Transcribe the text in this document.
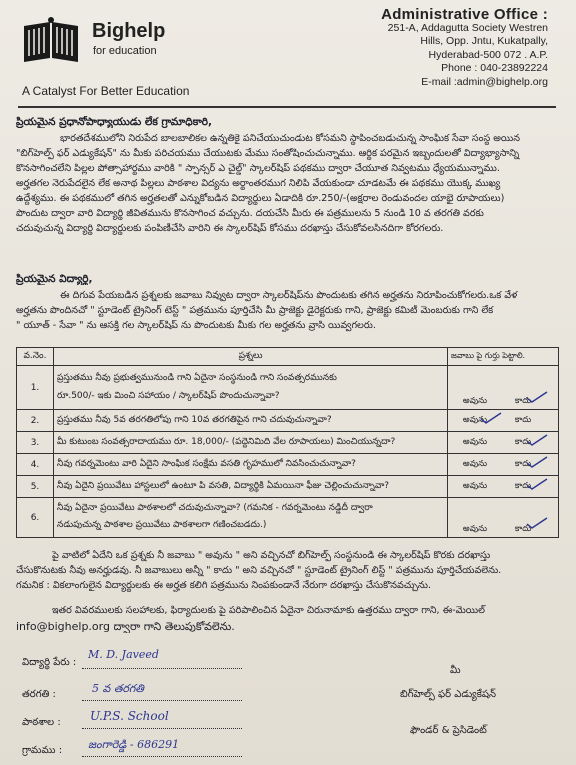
Bighelp
for education
A Catalyst For Better Education
Administrative Office :
251-A, Addagutta Society Westren
Hills, Opp. Jntu, Kukatpally,
Hyderabad-500 072 . A.P.
Phone : 040-23892224
E-mail :admin@bighelp.org
ప్రియమైన ప్రధానోపాధ్యాయుడు లేక గ్రామాధికారి,
భారతదేశములోని నిరుపేద బాలబాలికల ఉన్నతికై పనిచేయుచుండుట కోసమని స్థాపించబడుచున్న సాంఘిక సేవా సంస్థ అయిన
"బిగ్‌హెల్ప్ ఫర్ ఎడ్యుకేషన్" ను మీకు పరిచయము చేయుటకు మేము సంతోషించుచున్నాము. ఆర్థిక పరమైన ఇబ్బందులతో విద్యాభ్యాసాన్ని
కొనసాగించలేని పిల్లల పోత్సాహార్థము వారికి " స్పాన్సర్ ఎ చైల్డ్" స్కాలర్‌షిప్ పథకము ద్వారా చేయూత నివ్వటము ధ్యేయమున్నాము.
అర్హతగల నెరుపేదలైన లేక అనాథ పిల్లలు పాఠశాల విద్యను అర్థాంతరముగ నిలిపి వేయకుండా చూడటమే ఈ పథకము యొక్క ముఖ్య
ఉద్దేశ్యము. ఈ పథకములో తగిన అర్హతలతో ఎన్నుకోబడిన విద్యార్థులు ఏడాదికి రూ.250/-(అక్షరాల రెండువందల యాభై రూపాయలు)
పొందుట ద్వారా వారి విద్యార్థి జీవితమును కొనసాగించ వచ్చును. దయచేసి మీరు ఈ పత్రములను 5 నుండి 10 వ తరగతి వరకు
చదువుచున్న విద్యార్థి విద్యార్థులకు పంపిణీచేసి వారిని ఈ స్కాలర్‌షిప్ కోసము దరఖాస్తు చేసుకోవలసినదిగా కోరగలరు.
ప్రియమైన విద్యార్థి,
ఈ దిగువ పేయబడిన ప్రశ్నలకు జవాబు నివ్వుట ద్వారా స్కాలర్‌షిప్‌ను పొందుటకు తగిన అర్హతను నిరూపించుకోగలరు.ఒక వేళ
అర్హతను పొందినచో " స్టూడెంట్ ట్రైనింగ్ టెస్ట్ " పత్రమును పూర్తిచేసి మీ ప్రాజెక్టు డైరెక్టరుకు గాని, ప్రాజెక్టు కమిటీ మెంబరుకు గాని లేక
" యూత్ - సేవా " ను ఆసక్తి గల స్కాలర్‌షిప్ ను పొందుటకు మీకు గల అర్హతను వ్రాసి యివ్వగలరు.
వ.నెం.	ప్రశ్నలు	జవాబు పై గుర్తు పెట్టాలి.
1.	ప్రస్తుతము నీవు ప్రభుత్వమునుండి గాని ఏదైనా సంస్థనుండి గాని సంవత్సరమునకు
రూ.500/- ఇకు మించి సహాయం / స్కాలర్‌షిప్ పొందుచున్నావా?	అవును కాదు

2.	ప్రస్తుతము నీవు 5వ తరగతిలోపు గాని 10వ తరగతిపైన గాని చదువుచున్నావా?	అవును కాదు

3.	మీ కుటుంబ సంవత్సరాదాయము రూ. 18,000/- (పద్దెనిమిది వేల రూపాయలు) మించియున్నదా?	అవును కాదు

4.	నీవు గవర్నమెంటు వారి ఏదైని సాంఘిక సంక్షేమ వసతి గృహములో నివసించుచున్నావా?	అవును కాదు

5.	నీవు ఏదైని ప్రయివేటు హాస్టలులో ఉంటూ పి వసతి, విద్యార్థికి ఏమయినా ఫీజు చెల్లించుచున్నావా?	అవును కాదు

6.	నీవు ఏదైనా ప్రయివేటు పాఠశాలలో చదువుచున్నావా? (గమనిక - గవర్నమెంటు నడ్డిదీ ద్వారా
నడుపుచున్న పాఠశాల ప్రయివేటు పాఠశాలగా గణించబడదు.)	అవును కాదు
పై వాటిలో ఏదేని ఒక ప్రశ్నకు నీ జవాబు " అవును " అని వచ్చినచో బిగ్‌హెల్ప్ సంస్థనుండి ఈ స్కాలర్‌షిప్ కొరకు దరఖాస్తు
చేసుకొనుటకు నీవు అనర్హుడవు. నీ జవాబులు అన్నీ " కాదు " అని వచ్చినచో " స్టూడెంట్ ట్రైనింగ్ లిస్ట్ " పత్రమును పూర్తిచేయవలెను.
గమనిక : వికలాంగులైన విద్యార్థులకు ఈ అర్హత కలిగి పత్రమును నింపకుండానే నేరుగా దరఖాస్తు చేసుకొనవచ్చును.
ఇతర వివరములకు సలహాలకు, ఫిర్యాదులకు పై పరిపాలించిన ఏదైనా చిరునామాకు ఉత్తరము ద్వారా గాని, ఈ-మెయిల్
info@bighelp.org ద్వారా గాని తెలుపుకోవలెను.
విద్యార్థి పేరు :
M. D. Javeed
తరగతి :	5 వ తరగతి
పాఠశాల : U.P.S. School
గ్రామము : జంగారెడ్డి - 686291
మీ
బిగ్‌హెల్ప్ ఫర్ ఎడ్యుకేషన్
ఫౌండర్ & ప్రెసిడెంట్
